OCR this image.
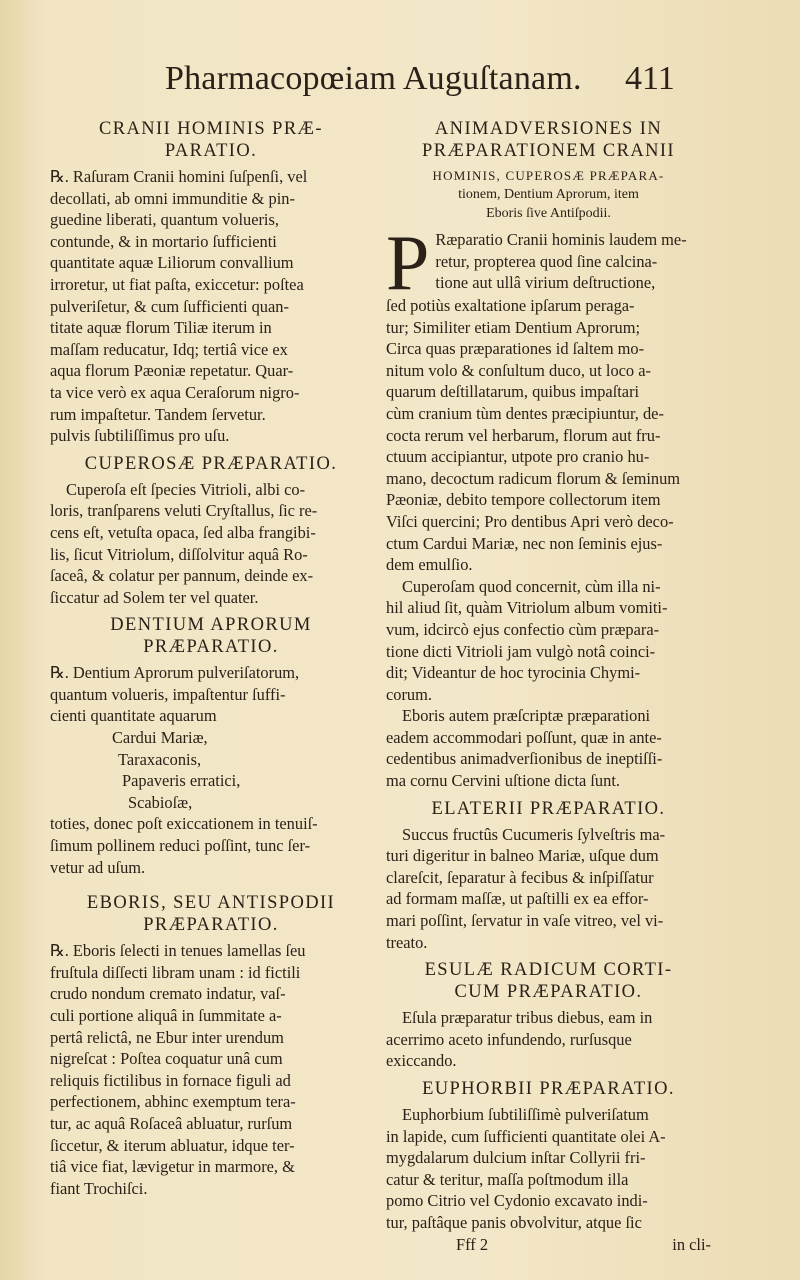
Pharmacopœiam Auguſtanam. 411
CRANII HOMINIS PRÆ-
PARATIO.
℞. Raſuram Cranii homini ſuſpenſi, vel
decollati, ab omni immunditie & pin-
guedine liberati, quantum volueris,
contunde, & in mortario ſufficienti
quantitate aquæ Liliorum convallium
irroretur, ut fiat paſta, exiccetur: poſtea
pulveriſetur, & cum ſufficienti quan-
titate aquæ florum Tiliæ iterum in
maſſam reducatur, Idq; tertiâ vice ex
aqua florum Pæoniæ repetatur. Quar-
ta vice verò ex aqua Ceraſorum nigro-
rum impaſtetur. Tandem ſervetur.
pulvis ſubtiliſſimus pro uſu.
CUPEROSÆ PRÆPARATIO.
Cuperoſa eſt ſpecies Vitrioli, albi co-
loris, tranſparens veluti Cryſtallus, ſic re-
cens eſt, vetuſta opaca, ſed alba frangibi-
lis, ſicut Vitriolum, diſſolvitur aquâ Ro-
ſaceâ, & colatur per pannum, deinde ex-
ſiccatur ad Solem ter vel quater.
DENTIUM APRORUM
PRÆPARATIO.
℞. Dentium Aprorum pulveriſatorum,
quantum volueris, impaſtentur ſuffi-
cienti quantitate aquarum
Cardui Mariæ,
Taraxaconis,
Papaveris erratici,
Scabioſæ,
toties, donec poſt exiccationem in tenuiſ-
ſimum pollinem reduci poſſint, tunc ſer-
vetur ad uſum.
EBORIS, SEU ANTISPODII
PRÆPARATIO.
℞. Eboris ſelecti in tenues lamellas ſeu
fruſtula diſſecti libram unam : id fictili
crudo nondum cremato indatur, vaſ-
culi portione aliquâ in ſummitate a-
pertâ relictâ, ne Ebur inter urendum
nigreſcat : Poſtea coquatur unâ cum
reliquis fictilibus in fornace figuli ad
perfectionem, abhinc exemptum tera-
tur, ac aquâ Roſaceâ abluatur, rurſum
ſiccetur, & iterum abluatur, idque ter-
tiâ vice fiat, lævigetur in marmore, &
fiant Trochiſci.
ANIMADVERSIONES IN
PRÆPARATIONEM CRANII
HOMINIS, CUPEROSÆ PRÆPARA-
tionem, Dentium Aprorum, item
Eboris ſive Antiſpodii.
P Ræparatio Cranii hominis laudem me-
retur, propterea quod ſine calcina-
tione aut ullâ virium deſtructione,
ſed potiùs exaltatione ipſarum peraga-
tur; Similiter etiam Dentium Aprorum;
Circa quas præparationes id ſaltem mo-
nitum volo & conſultum duco, ut loco a-
quarum deſtillatarum, quibus impaſtari
cùm cranium tùm dentes præcipiuntur, de-
cocta rerum vel herbarum, florum aut fru-
ctuum accipiantur, utpote pro cranio hu-
mano, decoctum radicum florum & ſeminum
Pæoniæ, debito tempore collectorum item
Viſci quercini; Pro dentibus Apri verò deco-
ctum Cardui Mariæ, nec non ſeminis ejus-
dem emulſio.
Cuperoſam quod concernit, cùm illa ni-
hil aliud ſit, quàm Vitriolum album vomiti-
vum, idcircò ejus confectio cùm præpara-
tione dicti Vitrioli jam vulgò notâ coinci-
dit; Videantur de hoc tyrocinia Chymi-
corum.
Eboris autem præſcriptæ præparationi
eadem accommodari poſſunt, quæ in ante-
cedentibus animadverſionibus de ineptiſſi-
ma cornu Cervini uſtione dicta ſunt.
ELATERII PRÆPARATIO.
Succus fructûs Cucumeris ſylveſtris ma-
turi digeritur in balneo Mariæ, uſque dum
clareſcit, ſeparatur à fecibus & inſpiſſatur
ad formam maſſæ, ut paſtilli ex ea effor-
mari poſſint, ſervatur in vaſe vitreo, vel vi-
treato.
ESULÆ RADICUM CORTI-
CUM PRÆPARATIO.
Eſula præparatur tribus diebus, eam in
acerrimo aceto infundendo, rurſusque
exiccando.
EUPHORBII PRÆPARATIO.
Euphorbium ſubtiliſſimè pulveriſatum
in lapide, cum ſufficienti quantitate olei A-
mygdalarum dulcium inſtar Collyrii fri-
catur & teritur, maſſa poſtmodum illa
pomo Citrio vel Cydonio excavato indi-
tur, paſtâque panis obvolvitur, atque ſic
Fff 2	in cli-
